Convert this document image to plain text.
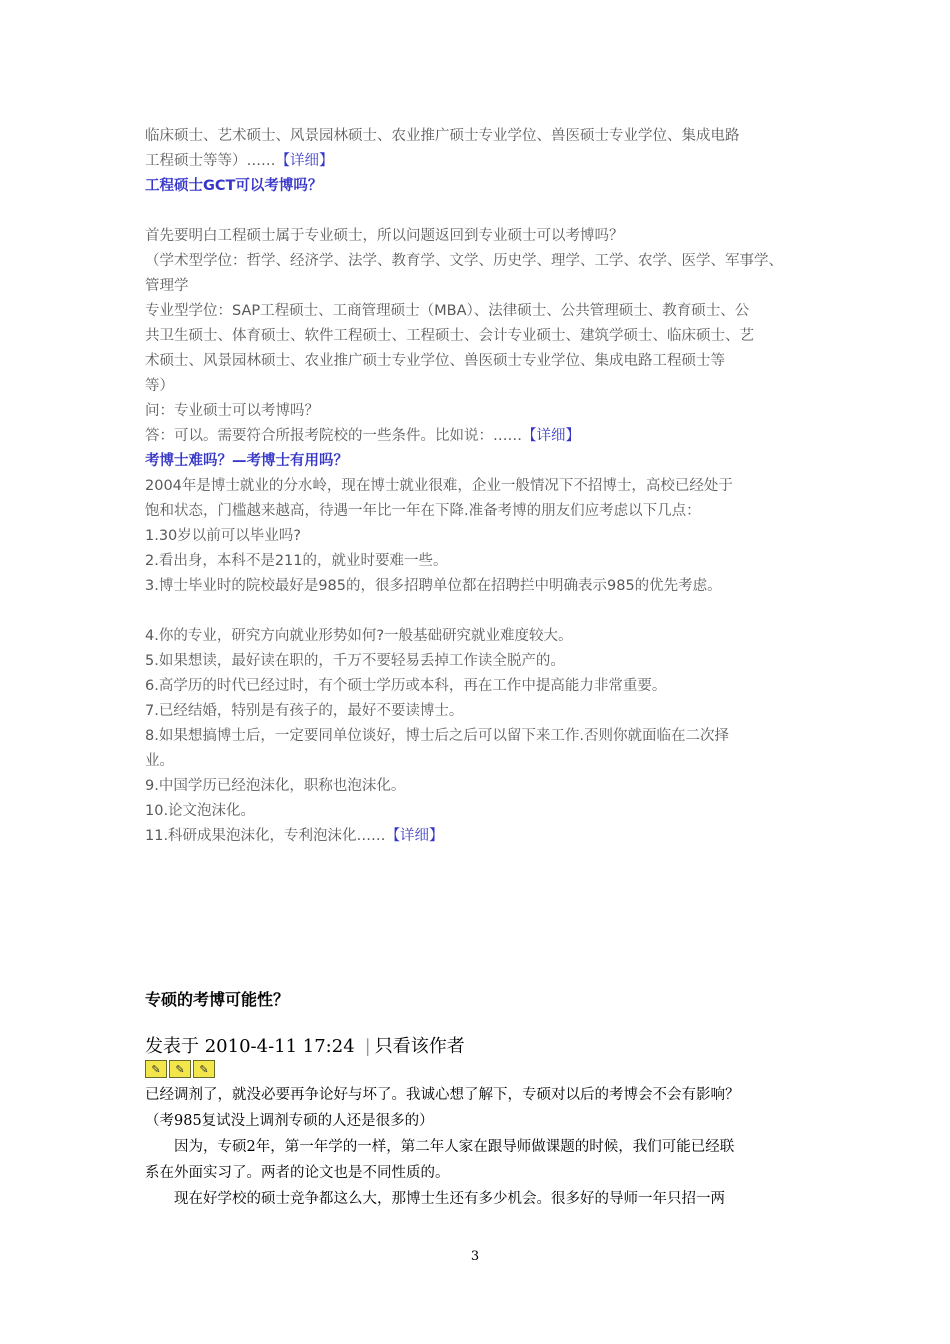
临床硕士、艺术硕士、风景园林硕士、农业推广硕士专业学位、兽医硕士专业学位、集成电路

工程硕士等等）……【详细】

工程硕士GCT可以考博吗？

首先要明白工程硕士属于专业硕士，所以问题返回到专业硕士可以考博吗？

（学术型学位：哲学、经济学、法学、教育学、文学、历史学、理学、工学、农学、医学、军事学、

管理学

专业型学位：SAP工程硕士、工商管理硕士（MBA）、法律硕士、公共管理硕士、教育硕士、公

共卫生硕士、体育硕士、软件工程硕士、工程硕士、会计专业硕士、建筑学硕士、临床硕士、艺

术硕士、风景园林硕士、农业推广硕士专业学位、兽医硕士专业学位、集成电路工程硕士等

等）

问：专业硕士可以考博吗？

答：可以。需要符合所报考院校的一些条件。比如说：……【详细】

考博士难吗？—考博士有用吗？

2004年是博士就业的分水岭，现在博士就业很难，企业一般情况下不招博士，高校已经处于

饱和状态，门槛越来越高，待遇一年比一年在下降.准备考博的朋友们应考虑以下几点：

1.30岁以前可以毕业吗?

2.看出身，本科不是211的，就业时要难一些。

3.博士毕业时的院校最好是985的，很多招聘单位都在招聘拦中明确表示985的优先考虑。

4.你的专业，研究方向就业形势如何?一般基础研究就业难度较大。

5.如果想读，最好读在职的，千万不要轻易丢掉工作读全脱产的。

6.高学历的时代已经过时，有个硕士学历或本科，再在工作中提高能力非常重要。

7.已经结婚，特别是有孩子的，最好不要读博士。

8.如果想搞博士后，一定要同单位谈好，博士后之后可以留下来工作.否则你就面临在二次择

业。

9.中国学历已经泡沫化，职称也泡沫化。

10.论文泡沫化。

11.科研成果泡沫化，专利泡沫化……【详细】

专硕的考博可能性？
发表于 2010-4-11 17:24 | 只看该作者
✎	✎	✎

已经调剂了，就没必要再争论好与坏了。我诚心想了解下，专硕对以后的考博会不会有影响？

（考985复试没上调剂专硕的人还是很多的）

因为，专硕2年，第一年学的一样，第二年人家在跟导师做课题的时候，我们可能已经联

系在外面实习了。两者的论文也是不同性质的。

现在好学校的硕士竞争都这么大，那博士生还有多少机会。很多好的导师一年只招一两

3
